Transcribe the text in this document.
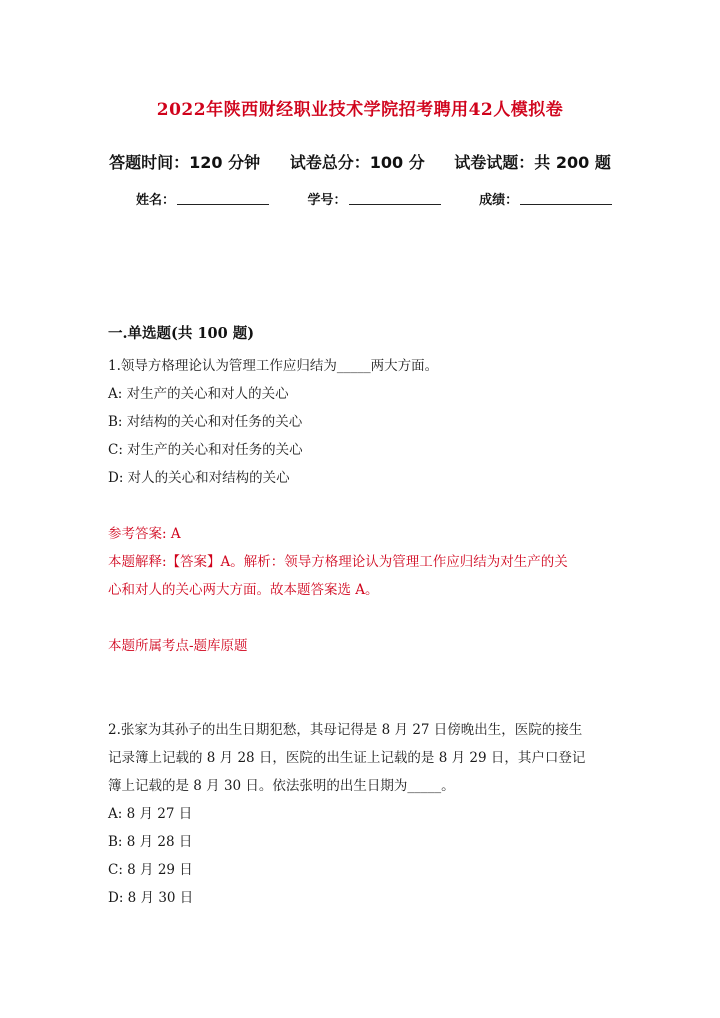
2022年陕西财经职业技术学院招考聘用42人模拟卷
答题时间：120 分钟 试卷总分：100 分 试卷试题：共 200 题
姓名：	学号：	成绩：
一.单选题(共 100 题)
1.领导方格理论认为管理工作应归结为_____两大方面。
A: 对生产的关心和对人的关心
B: 对结构的关心和对任务的关心
C: 对生产的关心和对任务的关心
D: 对人的关心和对结构的关心
参考答案: A
本题解释:【答案】A。解析：领导方格理论认为管理工作应归结为对生产的关
心和对人的关心两大方面。故本题答案选 A。
本题所属考点-题库原题
2.张家为其孙子的出生日期犯愁，其母记得是 8 月 27 日傍晚出生，医院的接生
记录簿上记载的 8 月 28 日，医院的出生证上记载的是 8 月 29 日，其户口登记
簿上记载的是 8 月 30 日。依法张明的出生日期为_____。
A: 8 月 27 日
B: 8 月 28 日
C: 8 月 29 日
D: 8 月 30 日
